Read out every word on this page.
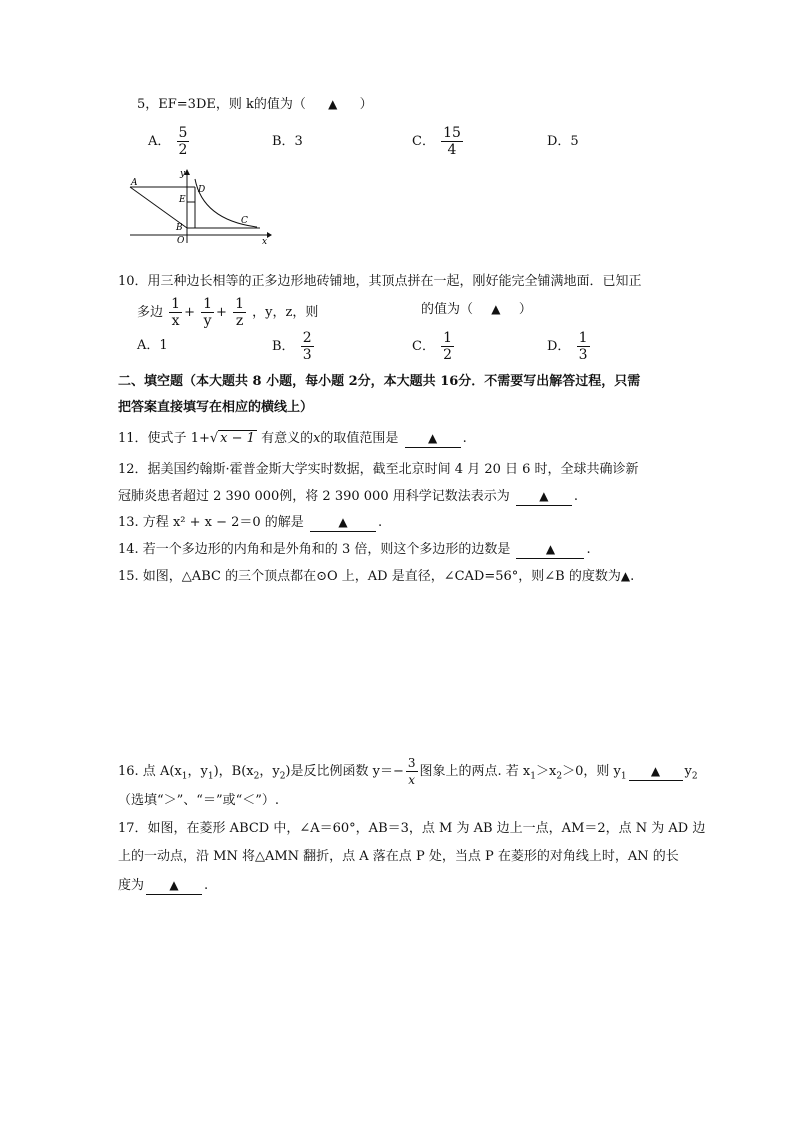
5，EF=3DE，则 k的值为（ ▲ ）
A． $\frac{5}{2}$	B．3	C． $\frac{15}{4}$	D．5
y
A
D
E
C
B
O	x
10．用三种边长相等的正多边形地砖铺地，其顶点拼在一起，刚好能完全铺满地面．已知正
多边 $\frac{1}{x} + \frac{1}{y} + \frac{1}{z}$ ，y，z，则	的值为（ ▲ ）
A．1	B． $\frac{2}{3}$	C． $\frac{1}{2}$	D． $\frac{1}{3}$
二、填空题（本大题共 8 小题，每小题 2分，本大题共 16分．不需要写出解答过程，只需
把答案直接填写在相应的横线上）
11．使式子 1+√ x − 1 有意义的x的取值范围是 ▲ .
12．据美国约翰斯·霍普金斯大学实时数据，截至北京时间 4 月 20 日 6 时，全球共确诊新
冠肺炎患者超过 2 390 000例，将 2 390 000 用科学记数法表示为 ▲ .
13. 方程 x² + x − 2＝0 的解是	▲ .
14. 若一个多边形的内角和是外角和的 3 倍，则这个多边形的边数是	▲ .
15. 如图，△ABC 的三个顶点都在⊙O 上，AD 是直径，∠CAD=56°，则∠B 的度数为▲.
16. 点 $A(x_1$，$y_1$)，$B(x_2$，$y_2$)是反比例函数 $y=- \frac{3}{x}$ 图象上的两点. 若 $x_1>x_2>0$，则 $y_1$ ▲ $y_2$
（选填“＞”、“＝”或“＜”）.
17．如图，在菱形 ABCD 中，∠A＝60°，AB＝3，点 M 为 AB 边上一点，AM＝2，点 N 为 AD 边
上的一动点，沿 MN 将△AMN 翻折，点 A 落在点 P 处，当点 P 在菱形的对角线上时，AN 的长
度为 ▲ .
